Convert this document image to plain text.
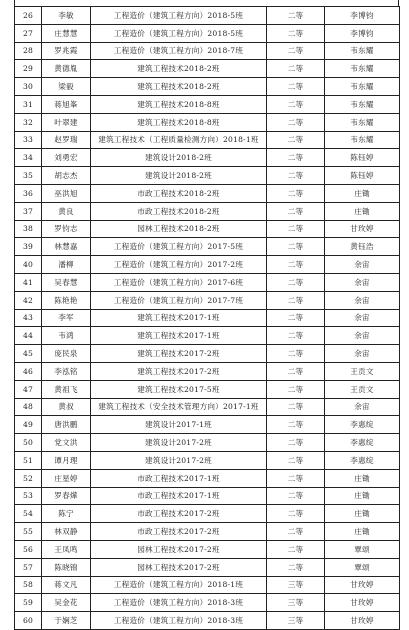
26	李敏	工程造价（建筑工程方向）2018-5班	二等	李博钧
27	庄慧慧	工程造价（建筑工程方向）2018-5班	二等	李博钧
28	罗兆霞	工程造价（建筑工程方向）2018-7班	二等	韦东耀
29	黄德胤	建筑工程技术2018-2班	二等	韦东耀
30	梁毅	建筑工程技术2018-2班	二等	韦东耀
31	蒋旭峯	建筑工程技术2018-8班	二等	韦东耀
32	叶翠建	建筑工程技术2018-8班	二等	韦东耀
33	赵罗瑞	建筑工程技术（工程质量检测方向）2018-1班	二等	韦东耀
34	刘勇宏	建筑设计2018-2班	二等	陈钰婷
35	胡志杰	建筑设计2018-2班	二等	陈钰婷
36	巫洪旭	市政工程技术2018-2班	二等	庄锄
37	黄良	市政工程技术2018-2班	二等	庄锄
38	罗钧志	园林工程技术2018-2班	二等	甘玫婷
39	林慧嘉	工程造价（建筑工程方向）2017-5班	二等	黄钰浩
40	潘柳	工程造价（建筑工程方向）2017-2班	二等	余宙
41	吴春慧	工程造价（建筑工程方向）2017-6班	二等	余宙
42	陈艳艳	工程造价（建筑工程方向）2017-7班	二等	余宙
43	李军	建筑工程技术2017-1班	二等	余宙
44	韦鸿	建筑工程技术2017-1班	二等	余宙
45	庞民泉	建筑工程技术2017-2班	二等	余宙
46	李泓铭	建筑工程技术2017-2班	二等	王贡文
47	黄祖飞	建筑工程技术2017-5班	二等	王贡文
48	黄叔	建筑工程技术（安全技术管理方向）2017-1班	二等	余宙
49	唐洪鹏	建筑设计2017-1班	二等	李惠绽
50	党文洪	建筑设计2017-2班	二等	李惠绽
51	谭月理	建筑设计2017-2班	二等	李惠绽
52	庄星婷	市政工程技术2017-1班	二等	庄锄
53	罗春燁	市政工程技术2017-1班	二等	庄锄
54	陈宁	市政工程技术2017-2班	二等	庄锄
55	林双静	市政工程技术2017-2班	二等	庄锄
56	王凤鸣	园林工程技术2017-2班	二等	覃颂
57	陈晓锦	园林工程技术2017-2班	二等	覃颂
58	蒋文凡	工程造价（建筑工程方向）2018-1班	三等	甘玫婷
59	吴金花	工程造价（建筑工程方向）2018-3班	三等	甘玫婷
60	于娴芝	工程造价（建筑工程方向）2018-3班	三等	甘玫婷
